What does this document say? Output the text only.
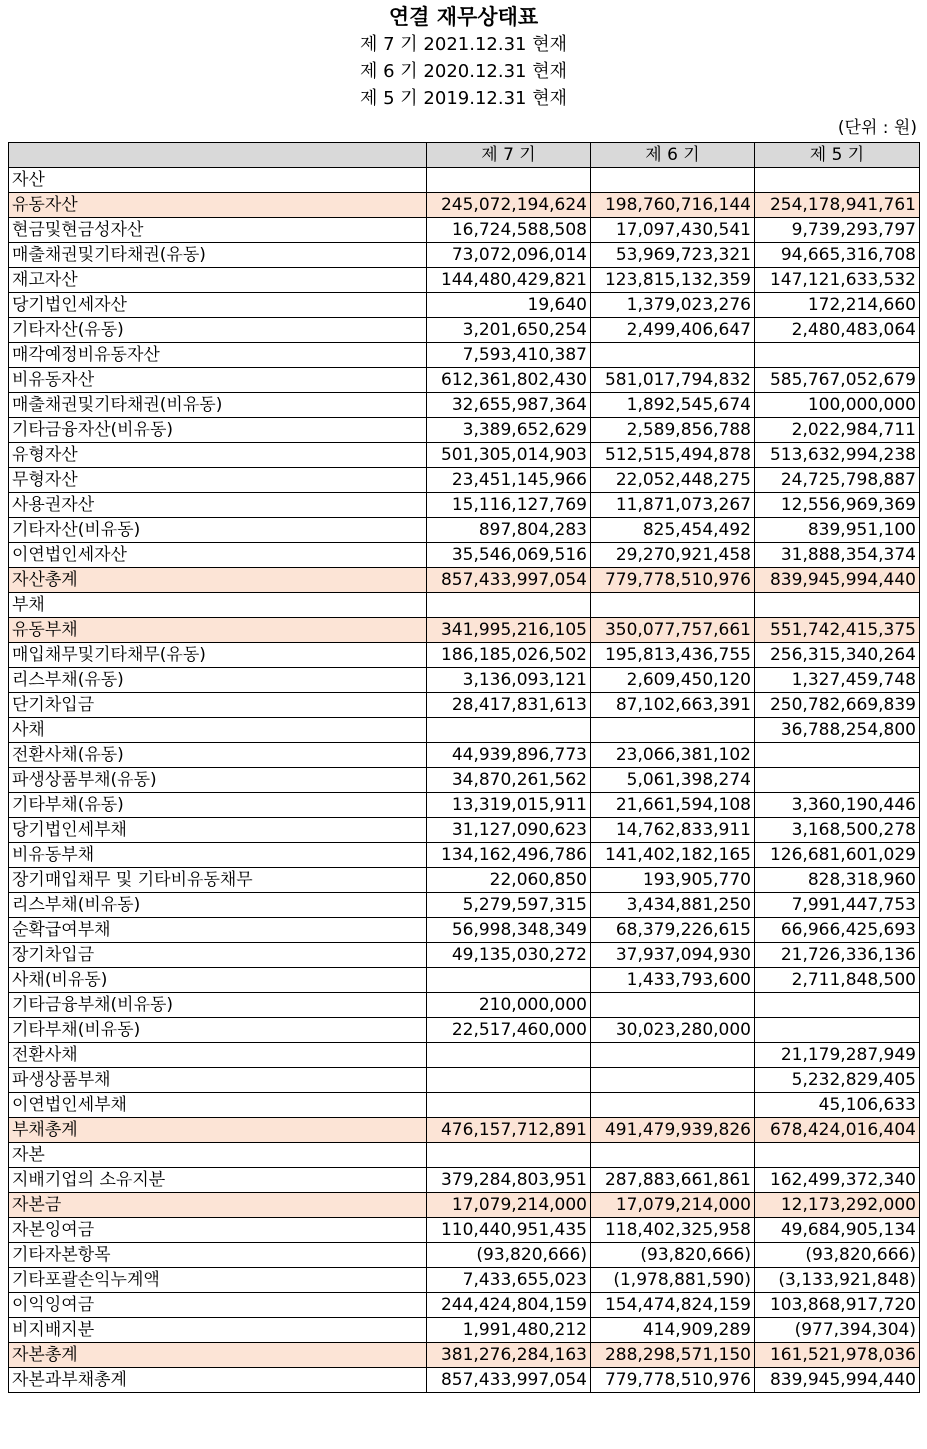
연결 재무상태표
제 7 기 2021.12.31 현재
제 6 기 2020.12.31 현재
제 5 기 2019.12.31 현재
(단위 : 원)
	제 7 기	제 6 기	제 5 기
자산			
유동자산	245,072,194,624	198,760,716,144	254,178,941,761
현금및현금성자산	16,724,588,508	17,097,430,541	9,739,293,797
매출채권및기타채권(유동)	73,072,096,014	53,969,723,321	94,665,316,708
재고자산	144,480,429,821	123,815,132,359	147,121,633,532
당기법인세자산	19,640	1,379,023,276	172,214,660
기타자산(유동)	3,201,650,254	2,499,406,647	2,480,483,064
매각예정비유동자산	7,593,410,387		
비유동자산	612,361,802,430	581,017,794,832	585,767,052,679
매출채권및기타채권(비유동)	32,655,987,364	1,892,545,674	100,000,000
기타금융자산(비유동)	3,389,652,629	2,589,856,788	2,022,984,711
유형자산	501,305,014,903	512,515,494,878	513,632,994,238
무형자산	23,451,145,966	22,052,448,275	24,725,798,887
사용권자산	15,116,127,769	11,871,073,267	12,556,969,369
기타자산(비유동)	897,804,283	825,454,492	839,951,100
이연법인세자산	35,546,069,516	29,270,921,458	31,888,354,374
자산총계	857,433,997,054	779,778,510,976	839,945,994,440
부채			
유동부채	341,995,216,105	350,077,757,661	551,742,415,375
매입채무및기타채무(유동)	186,185,026,502	195,813,436,755	256,315,340,264
리스부채(유동)	3,136,093,121	2,609,450,120	1,327,459,748
단기차입금	28,417,831,613	87,102,663,391	250,782,669,839
사채			36,788,254,800
전환사채(유동)	44,939,896,773	23,066,381,102	
파생상품부채(유동)	34,870,261,562	5,061,398,274	
기타부채(유동)	13,319,015,911	21,661,594,108	3,360,190,446
당기법인세부채	31,127,090,623	14,762,833,911	3,168,500,278
비유동부채	134,162,496,786	141,402,182,165	126,681,601,029
장기매입채무 및 기타비유동채무	22,060,850	193,905,770	828,318,960
리스부채(비유동)	5,279,597,315	3,434,881,250	7,991,447,753
순확급여부채	56,998,348,349	68,379,226,615	66,966,425,693
장기차입금	49,135,030,272	37,937,094,930	21,726,336,136
사채(비유동)		1,433,793,600	2,711,848,500
기타금융부채(비유동)	210,000,000		
기타부채(비유동)	22,517,460,000	30,023,280,000	
전환사채			21,179,287,949
파생상품부채			5,232,829,405
이연법인세부채			45,106,633
부채총계	476,157,712,891	491,479,939,826	678,424,016,404
자본			
지배기업의 소유지분	379,284,803,951	287,883,661,861	162,499,372,340
자본금	17,079,214,000	17,079,214,000	12,173,292,000
자본잉여금	110,440,951,435	118,402,325,958	49,684,905,134
기타자본항목	(93,820,666)	(93,820,666)	(93,820,666)
기타포괄손익누계액	7,433,655,023	(1,978,881,590)	(3,133,921,848)
이익잉여금	244,424,804,159	154,474,824,159	103,868,917,720
비지배지분	1,991,480,212	414,909,289	(977,394,304)
자본총계	381,276,284,163	288,298,571,150	161,521,978,036
자본과부채총계	857,433,997,054	779,778,510,976	839,945,994,440
